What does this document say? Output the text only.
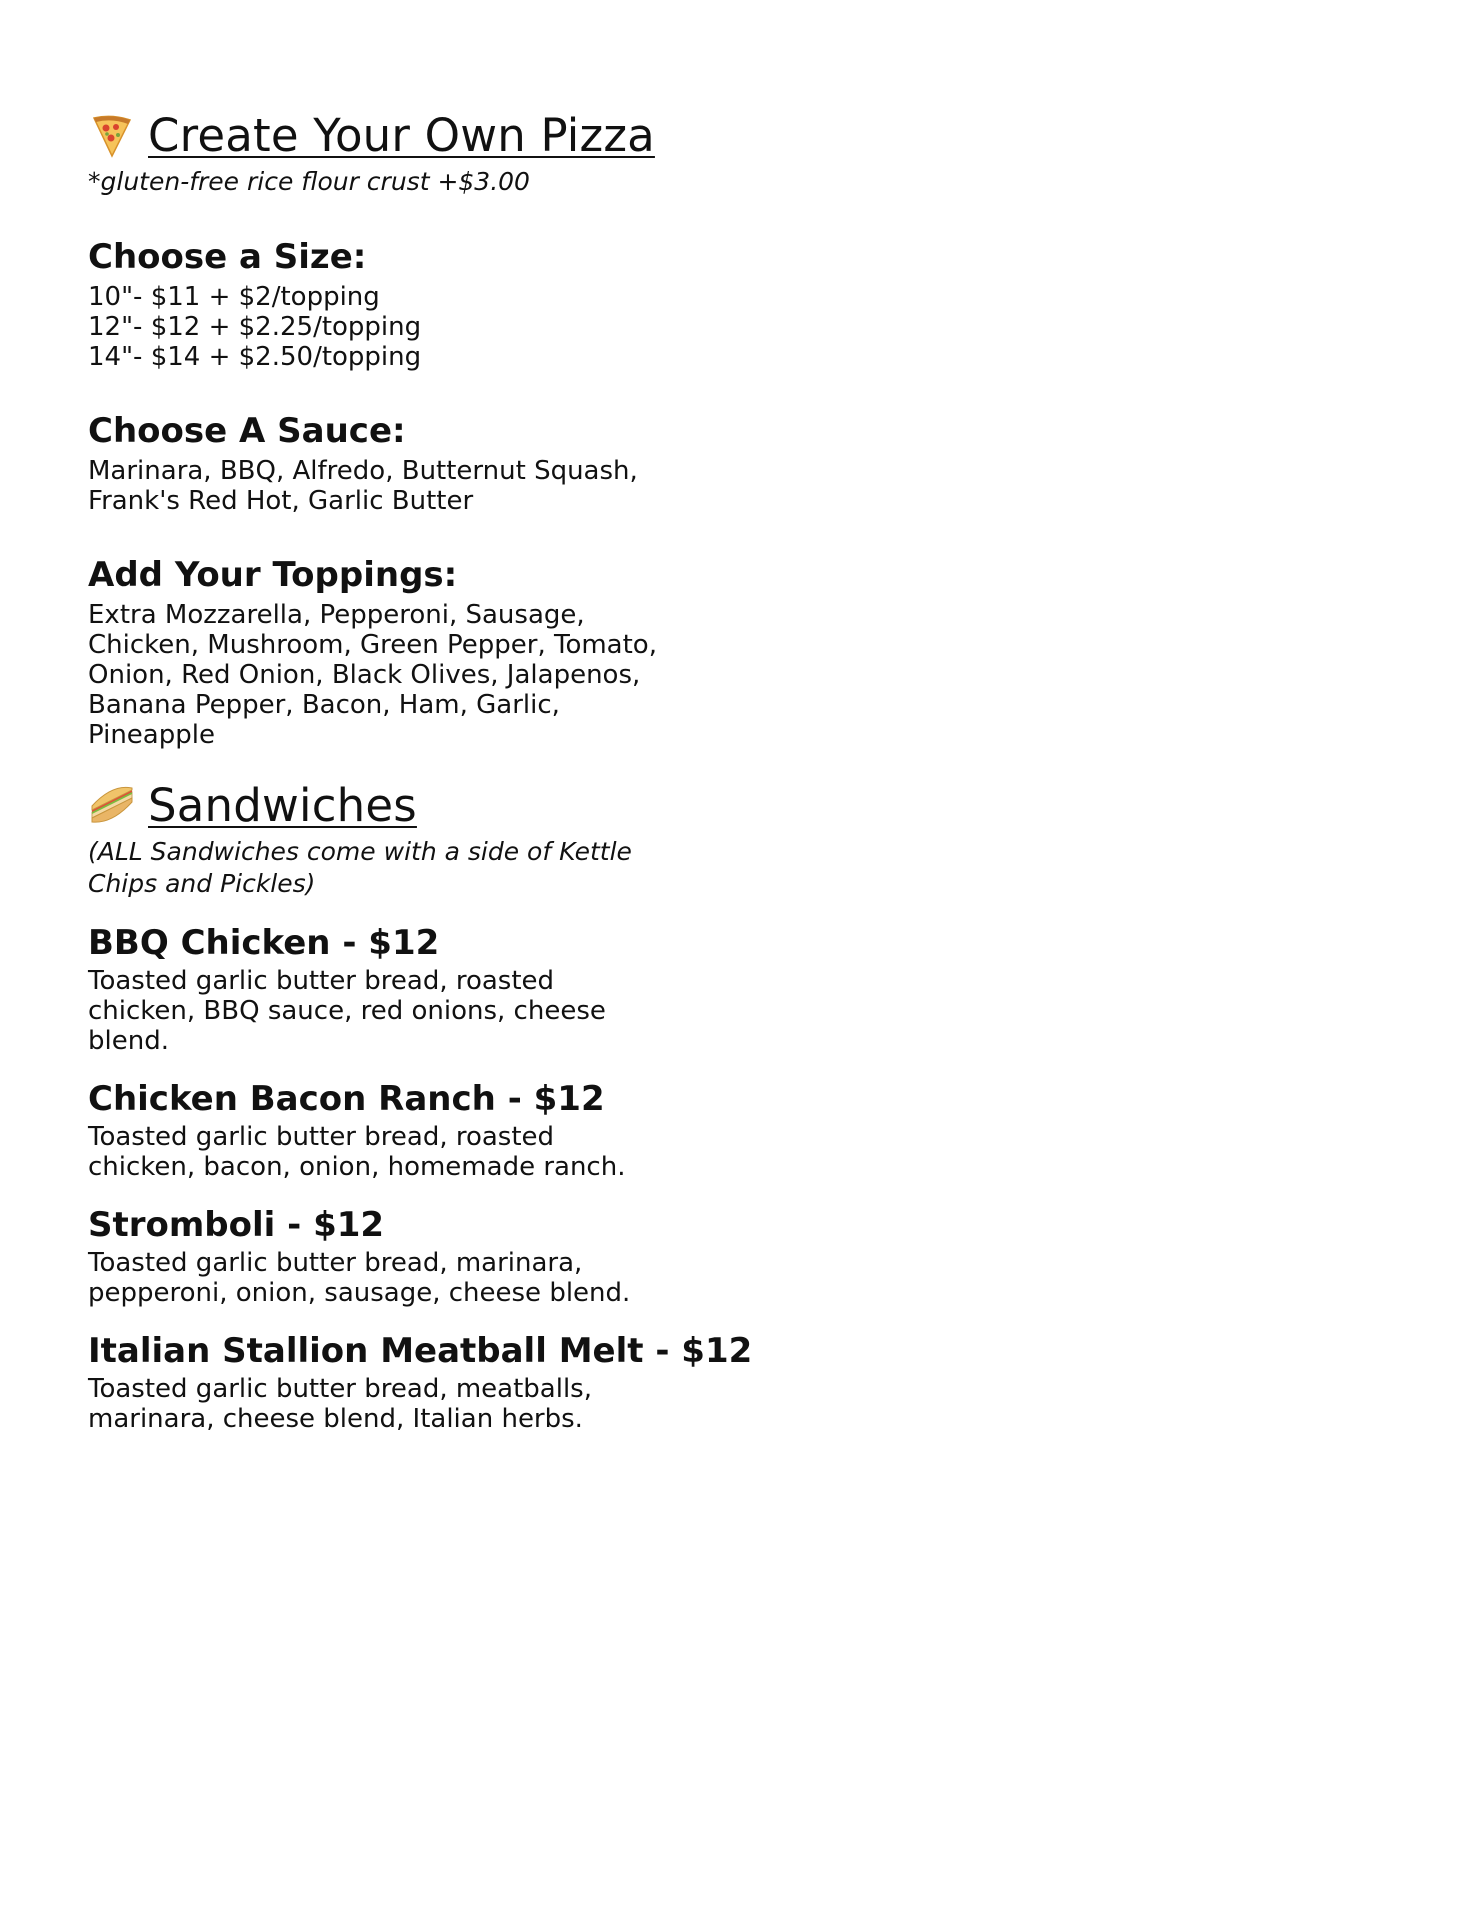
Create Your Own Pizza
*gluten-free rice flour crust +$3.00
Choose a Size:
10"- $11 + $2/topping
12"- $12 + $2.25/topping
14"- $14 + $2.50/topping
Choose A Sauce:
Marinara, BBQ, Alfredo, Butternut Squash,
Frank's Red Hot, Garlic Butter
Add Your Toppings:
Extra Mozzarella, Pepperoni, Sausage,
Chicken, Mushroom, Green Pepper, Tomato,
Onion, Red Onion, Black Olives, Jalapenos,
Banana Pepper, Bacon, Ham, Garlic,
Pineapple
Sandwiches
(ALL Sandwiches come with a side of Kettle
Chips and Pickles)
BBQ Chicken - $12
Toasted garlic butter bread, roasted
chicken, BBQ sauce, red onions, cheese
blend.
Chicken Bacon Ranch - $12
Toasted garlic butter bread, roasted
chicken, bacon, onion, homemade ranch.
Stromboli - $12
Toasted garlic butter bread, marinara,
pepperoni, onion, sausage, cheese blend.
Italian Stallion Meatball Melt - $12
Toasted garlic butter bread, meatballs,
marinara, cheese blend, Italian herbs.
